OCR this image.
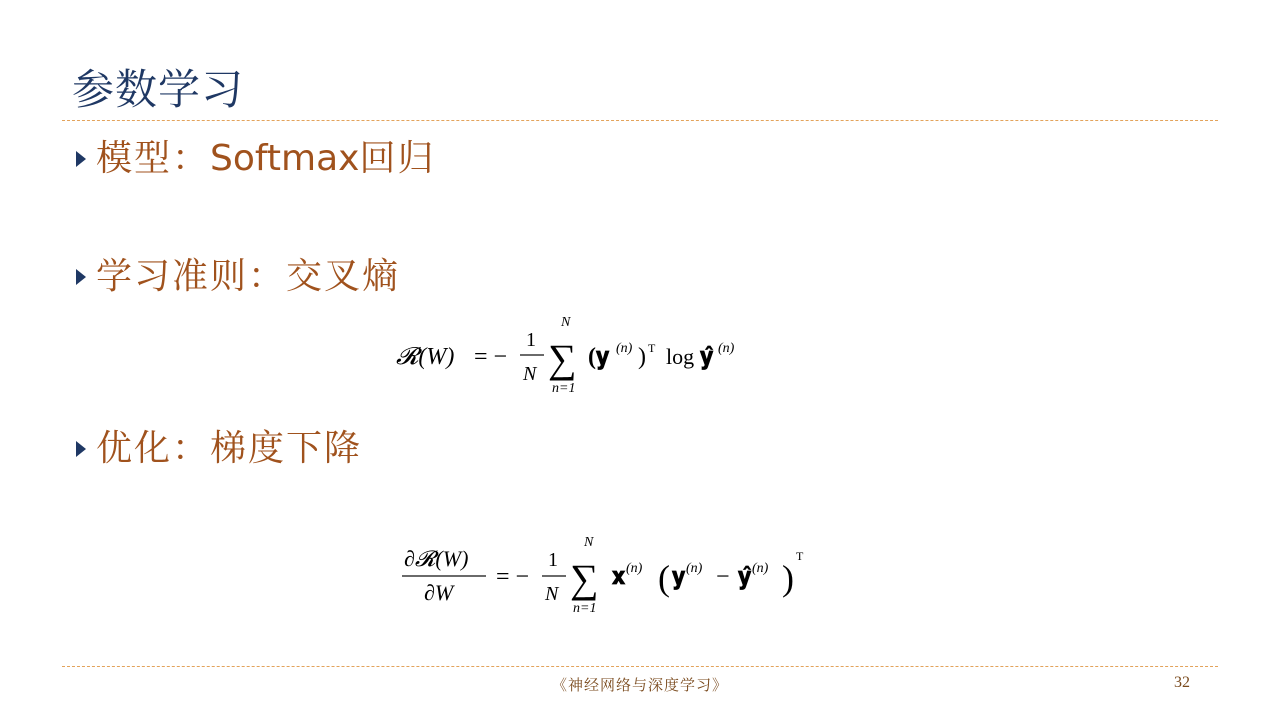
参数学习
模型：Softmax回归
学习准则：交叉熵
𝓡(W) = −
1
N
N
∑
n=1
(𝐲 (n) ) T log 𝐲̂ (n)
优化：梯度下降
∂𝓡(W)
∂W
= −
1
N
N
∑
n=1
𝐱 (n) ( 𝐲 (n) − 𝐲̂ (n) )
T
《神经网络与深度学习》	32
